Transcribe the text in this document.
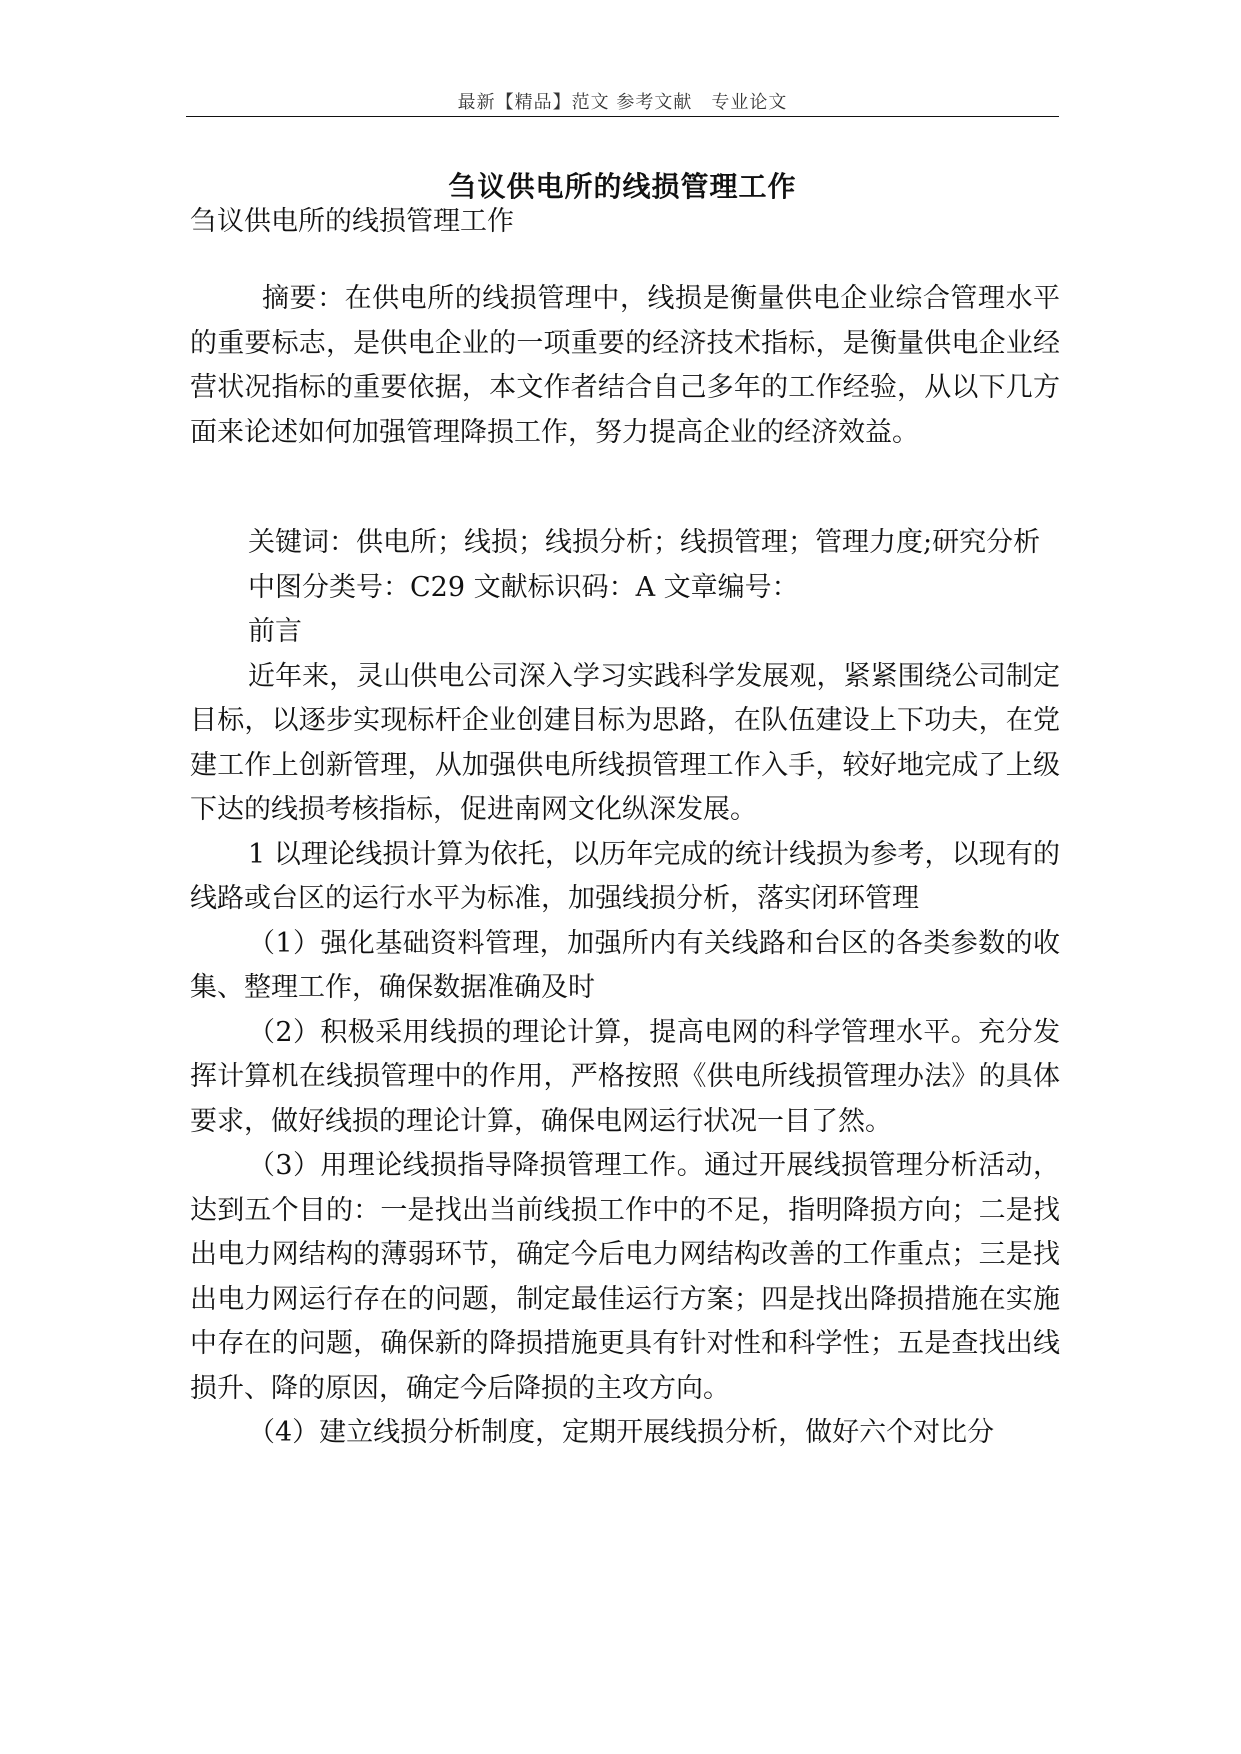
最新【精品】范文 参考文献　专业论文
刍议供电所的线损管理工作

刍议供电所的线损管理工作

摘要：在供电所的线损管理中，线损是衡量供电企业综合管理水平的重要标志，是供电企业的一项重要的经济技术指标，是衡量供电企业经营状况指标的重要依据，本文作者结合自己多年的工作经验，从以下几方面来论述如何加强管理降损工作，努力提高企业的经济效益。

关键词：供电所；线损；线损分析；线损管理；管理力度;研究分析

中图分类号：C29 文献标识码：A 文章编号：

前言

近年来，灵山供电公司深入学习实践科学发展观，紧紧围绕公司制定目标，以逐步实现标杆企业创建目标为思路，在队伍建设上下功夫，在党建工作上创新管理，从加强供电所线损管理工作入手，较好地完成了上级下达的线损考核指标，促进南网文化纵深发展。

1 以理论线损计算为依托，以历年完成的统计线损为参考，以现有的线路或台区的运行水平为标准，加强线损分析，落实闭环管理

（1）强化基础资料管理，加强所内有关线路和台区的各类参数的收集、整理工作，确保数据准确及时

（2）积极采用线损的理论计算，提高电网的科学管理水平。充分发挥计算机在线损管理中的作用，严格按照《供电所线损管理办法》的具体要求，做好线损的理论计算，确保电网运行状况一目了然。

（3）用理论线损指导降损管理工作。通过开展线损管理分析活动，达到五个目的：一是找出当前线损工作中的不足，指明降损方向；二是找出电力网结构的薄弱环节，确定今后电力网结构改善的工作重点；三是找出电力网运行存在的问题，制定最佳运行方案；四是找出降损措施在实施中存在的问题，确保新的降损措施更具有针对性和科学性；五是查找出线损升、降的原因，确定今后降损的主攻方向。

（4）建立线损分析制度，定期开展线损分析，做好六个对比分
